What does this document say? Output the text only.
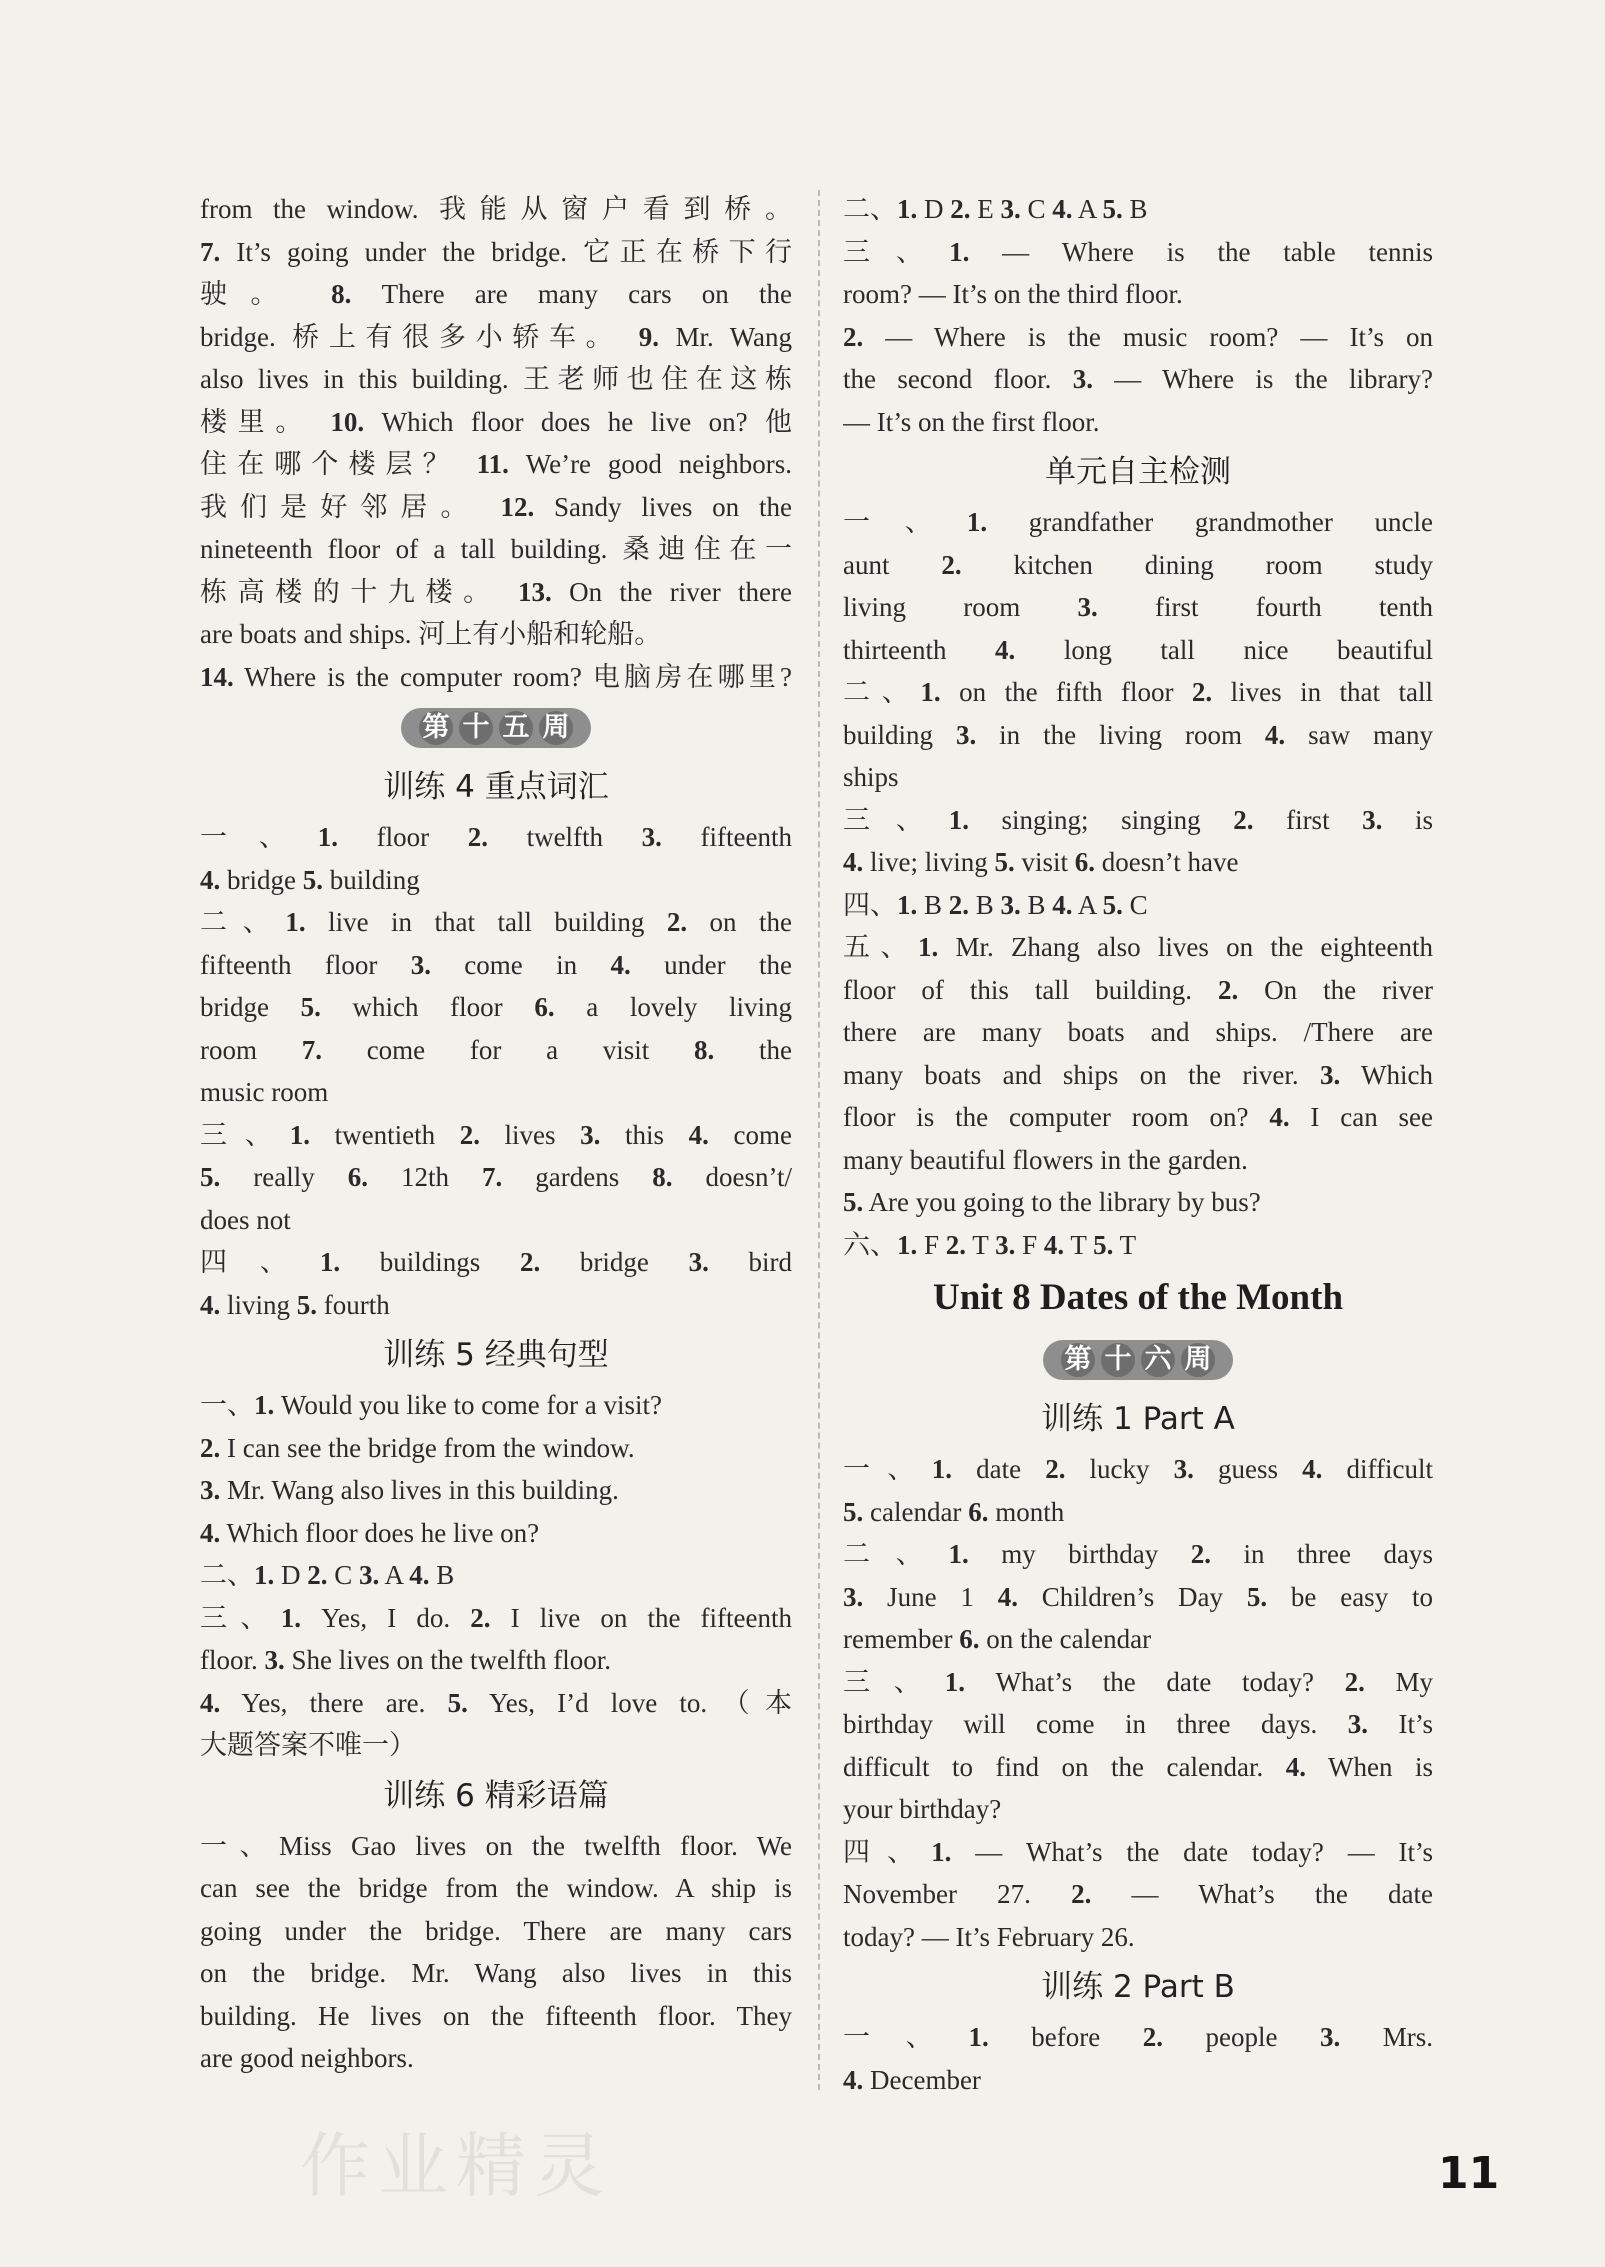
from the window. 我能从窗户看到桥。
7. It’s going under the bridge. 它正在桥下行
驶。 8. There are many cars on the
bridge. 桥上有很多小轿车。 9. Mr. Wang
also lives in this building. 王老师也住在这栋
楼里。 10. Which floor does he live on? 他
住在哪个楼层？ 11. We’re good neighbors.
我们是好邻居。 12. Sandy lives on the
nineteenth floor of a tall building. 桑迪住在一
栋高楼的十九楼。 13. On the river there
are boats and ships. 河上有小船和轮船。
14. Where is the computer room? 电脑房在哪里?
第 十 五 周
训练 4 重点词汇
一、1. floor 2. twelfth 3. fifteenth
4. bridge 5. building
二、1. live in that tall building 2. on the
fifteenth floor 3. come in 4. under the
bridge 5. which floor 6. a lovely living
room 7. come for a visit 8. the
music room
三、1. twentieth 2. lives 3. this 4. come
5. really 6. 12th 7. gardens 8. doesn’t/
does not
四、1. buildings 2. bridge 3. bird
4. living 5. fourth
训练 5 经典句型
一、1. Would you like to come for a visit?
2. I can see the bridge from the window.
3. Mr. Wang also lives in this building.
4. Which floor does he live on?
二、1. D 2. C 3. A 4. B
三、1. Yes, I do. 2. I live on the fifteenth
floor. 3. She lives on the twelfth floor.
4. Yes, there are. 5. Yes, I’d love to.（本
大题答案不唯一）
训练 6 精彩语篇
一、Miss Gao lives on the twelfth floor. We
can see the bridge from the window. A ship is
going under the bridge. There are many cars
on the bridge. Mr. Wang also lives in this
building. He lives on the fifteenth floor. They
are good neighbors.
二、1. D 2. E 3. C 4. A 5. B
三、1. — Where is the table tennis
room? — It’s on the third floor.
2. — Where is the music room? — It’s on
the second floor. 3. — Where is the library?
— It’s on the first floor.
单元自主检测
一、1. grandfather grandmother uncle
aunt 2. kitchen dining room study
living room 3. first fourth tenth
thirteenth 4. long tall nice beautiful
二、1. on the fifth floor 2. lives in that tall
building 3. in the living room 4. saw many
ships
三、1. singing; singing 2. first 3. is
4. live; living 5. visit 6. doesn’t have
四、1. B 2. B 3. B 4. A 5. C
五、1. Mr. Zhang also lives on the eighteenth
floor of this tall building. 2. On the river
there are many boats and ships. /There are
many boats and ships on the river. 3. Which
floor is the computer room on? 4. I can see
many beautiful flowers in the garden.
5. Are you going to the library by bus?
六、1. F 2. T 3. F 4. T 5. T
Unit 8 Dates of the Month
第 十 六 周
训练 1 Part A
一、1. date 2. lucky 3. guess 4. difficult
5. calendar 6. month
二、1. my birthday 2. in three days
3. June 1 4. Children’s Day 5. be easy to
remember 6. on the calendar
三、1. What’s the date today? 2. My
birthday will come in three days. 3. It’s
difficult to find on the calendar. 4. When is
your birthday?
四、1. — What’s the date today? — It’s
November 27. 2. — What’s the date
today? — It’s February 26.
训练 2 Part B
一、1. before 2. people 3. Mrs.
4. December
作业精灵	11
